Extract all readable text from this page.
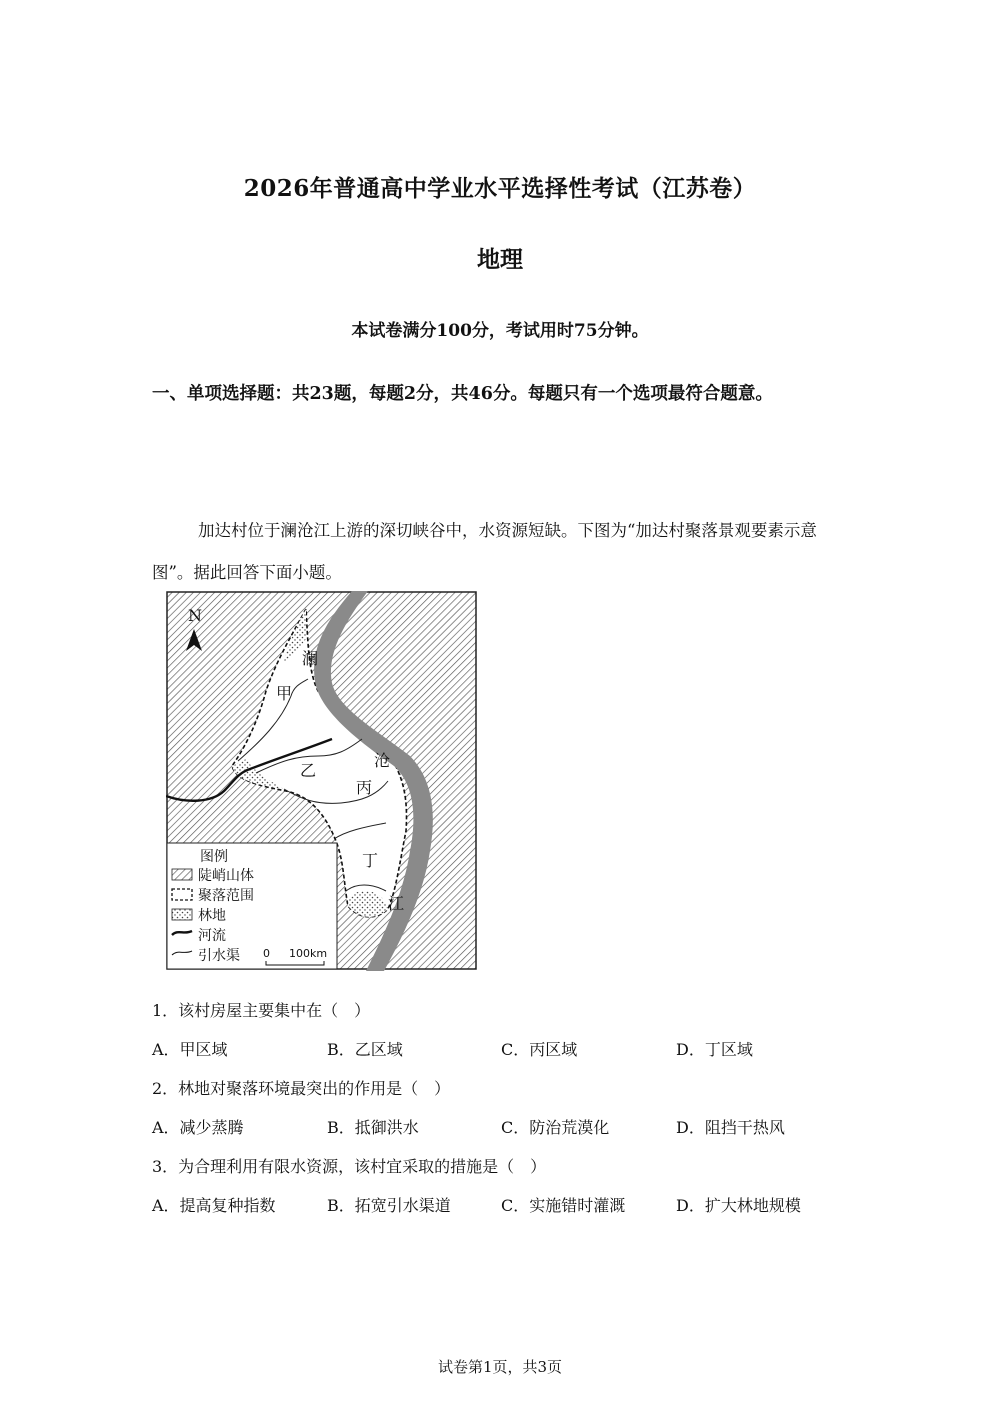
2026年普通高中学业水平选择性考试（江苏卷）
地理
本试卷满分100分，考试用时75分钟。
一、单项选择题：共23题，每题2分，共46分。每题只有一个选项最符合题意。
加达村位于澜沧江上游的深切峡谷中，水资源短缺。下图为“加达村聚落景观要素示意图”。据此回答下面小题。
N
澜
沧
江
甲
乙
丙
丁
图例
陡峭山体
聚落范围
林地
河流
引水渠 0 100km
1．该村房屋主要集中在（　）
A．甲区域	B．乙区域	C．丙区域	D．丁区域
2．林地对聚落环境最突出的作用是（　）
A．减少蒸腾	B．抵御洪水	C．防治荒漠化	D．阻挡干热风
3．为合理利用有限水资源，该村宜采取的措施是（　）
A．提高复种指数	B．拓宽引水渠道	C．实施错时灌溉	D．扩大林地规模
试卷第1页，共3页
